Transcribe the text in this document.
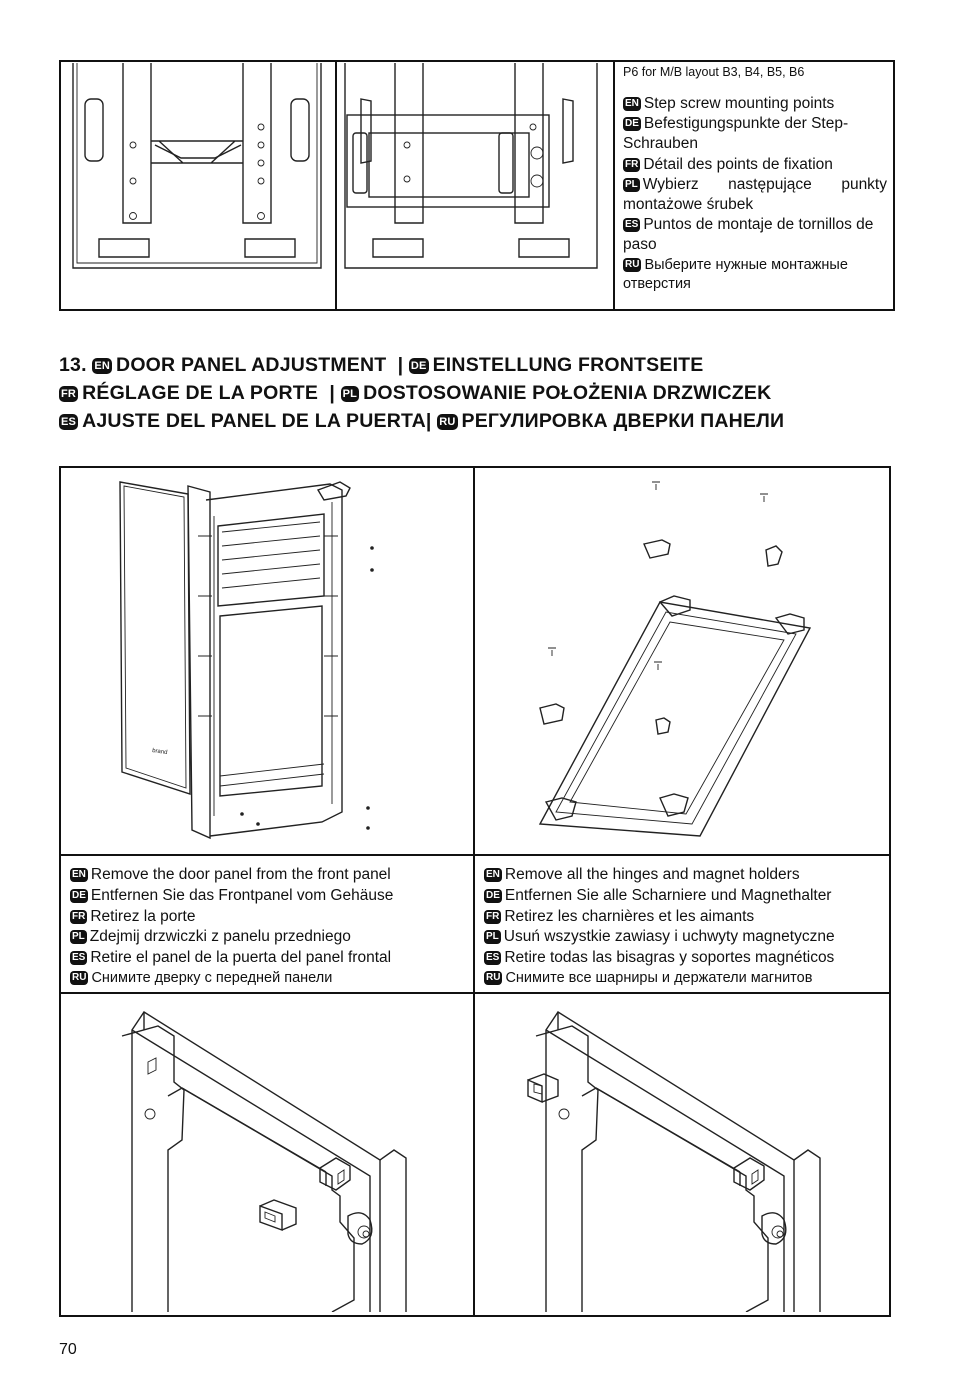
P6 for M/B layout B3, B4, B5, B6
EN Step screw mounting points
DE Befestigungspunkte der Step-Schrauben
FR Détail des points de fixation
PL Wybierz następujące punkty montażowe śrubek
ES Puntos de montaje de tornillos de paso
RU Выберите нужные монтажные отверстия
13. EN DOOR PANEL ADJUSTMENT  | DE EINSTELLUNG FRONTSEITE
FR RÉGLAGE DE LA PORTE  | PL DOSTOSOWANIE POŁOŻENIA DRZWICZEK
ES AJUSTE DEL PANEL DE LA PUERTA| RU РЕГУЛИРОВКА ДВЕРКИ ПАНЕЛИ
brand
EN Remove the door panel from the front panel
DE Entfernen Sie das Frontpanel vom Gehäuse
FR Retirez la porte
PL Zdejmij drzwiczki z panelu przedniego
ES Retire el panel de la puerta del panel frontal
RU Снимите дверку с передней панели
EN Remove all the hinges and magnet holders
DE Entfernen Sie alle Scharniere und Magnethalter
FR Retirez les charnières et les aimants
PL Usuń wszystkie zawiasy i uchwyty magnetyczne
ES Retire todas las bisagras y soportes magnéticos
RU Снимите все шарниры и держатели магнитов
70
